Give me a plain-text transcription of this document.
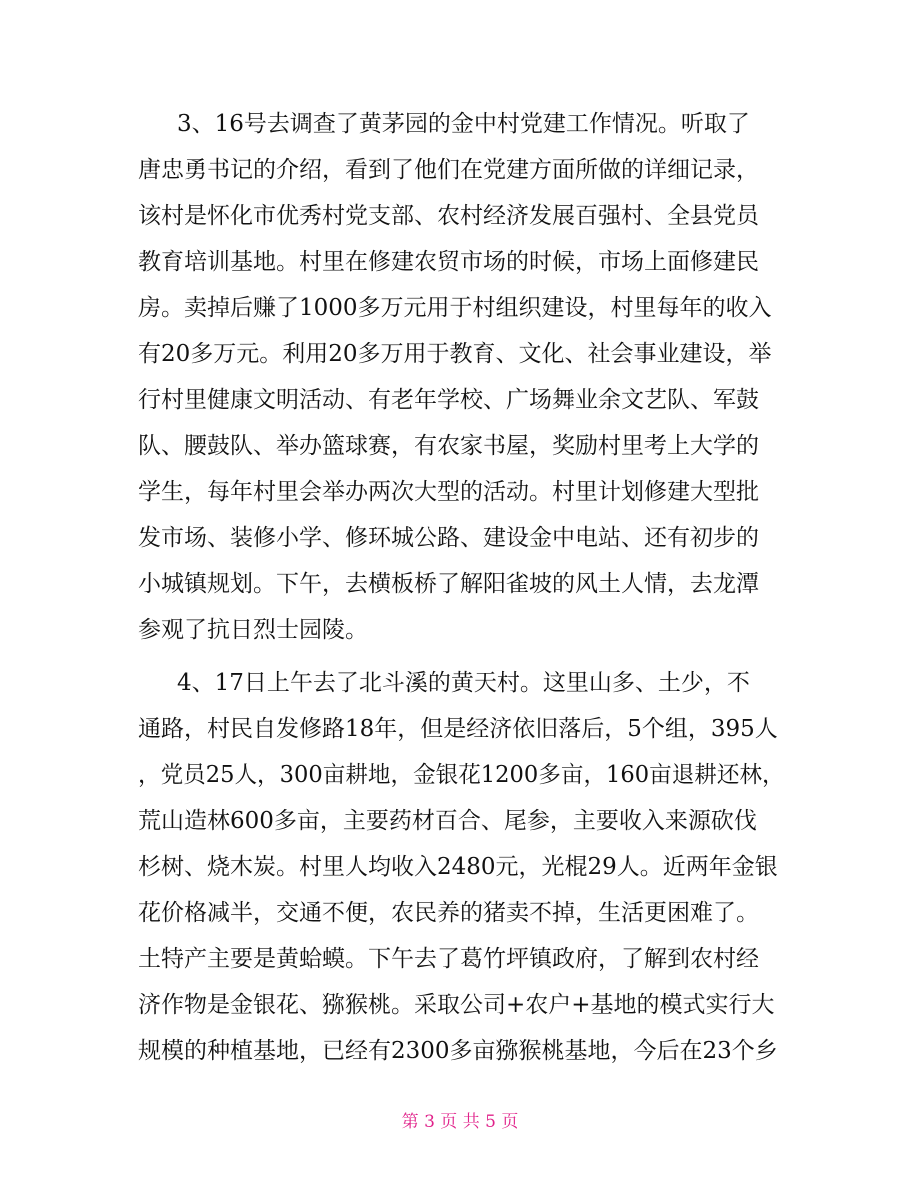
3、16号去调查了黄茅园的金中村党建工作情况。听取了
唐忠勇书记的介绍，看到了他们在党建方面所做的详细记录，
该村是怀化市优秀村党支部、农村经济发展百强村、全县党员
教育培训基地。村里在修建农贸市场的时候，市场上面修建民
房。卖掉后赚了1000多万元用于村组织建设，村里每年的收入
有20多万元。利用20多万用于教育、文化、社会事业建设，举
行村里健康文明活动、有老年学校、广场舞业余文艺队、军鼓
队、腰鼓队、举办篮球赛，有农家书屋，奖励村里考上大学的
学生，每年村里会举办两次大型的活动。村里计划修建大型批
发市场、装修小学、修环城公路、建设金中电站、还有初步的
小城镇规划。下午，去横板桥了解阳雀坡的风土人情，去龙潭
参观了抗日烈士园陵。
4、17日上午去了北斗溪的黄天村。这里山多、土少，不
通路，村民自发修路18年，但是经济依旧落后，5个组，395人
，党员25人，300亩耕地，金银花1200多亩，160亩退耕还林，
荒山造林600多亩，主要药材百合、尾参，主要收入来源砍伐
杉树、烧木炭。村里人均收入2480元，光棍29人。近两年金银
花价格减半，交通不便，农民养的猪卖不掉，生活更困难了。
土特产主要是黄蛤蟆。下午去了葛竹坪镇政府，了解到农村经
济作物是金银花、猕猴桃。采取公司+农户+基地的模式实行大
规模的种植基地，已经有2300多亩猕猴桃基地，今后在23个乡
第 3 页 共 5 页
